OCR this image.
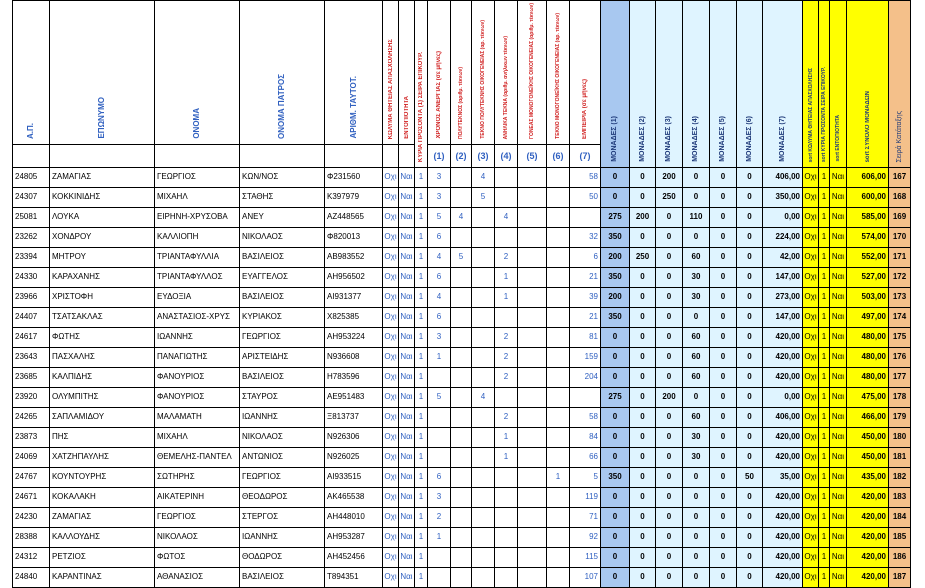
Α.Π.	ΕΠΩΝΥΜΟ	ΟΝΟΜΑ	ΟΝΟΜΑ ΠΑΤΡΟΣ	ΑΡΙΘΜ. ΤΑΥΤΟΤ.	ΚΩΛΥΜΑ ΘΗΤΕΙΑΣ ΑΠΑΣΧΟΛΗΣΗΣ	ΕΝΤΟΠΙΟΤΗΤΑ	ΚΥΡΙΑ ΠΡΟΣΟΝΤΑ (1) ΣΕΙΡΑ ΕΠΙΚΟΥΡ.	ΧΡΟΝΟΣ ΑΝΕΡΓΙΑΣ (σε μήνες)	ΠΟΛΥΤΕΚΝΟΣ (αριθμ. τέκνων)	ΤΕΚΝΟ ΠΟΛΥΤΕΚΝΗΣ ΟΙΚΟΓΕΝΕΙΑΣ (αρ. τέκνων)	ΑΝΗΛΙΚΑ ΤΕΚΝΑ (αριθμ. ανήλικων τέκνων)	ΓΟΝΕΑΣ ΜΟΝΟΓΟΝΕΪΚΗΣ ΟΙΚΟΓΕΝΕΙΑΣ (αριθμ. τέκνων)	ΤΕΚΝΟ ΜΟΝΟΓΟΝΕΪΚΗΣ ΟΙΚΟΓΕΝΕΙΑΣ (αρ. τέκνων)	ΕΜΠΕΙΡΙΑ (σε μήνες)	ΜΟΝΑΔΕΣ (1)	ΜΟΝΑΔΕΣ (2)	ΜΟΝΑΔΕΣ (3)	ΜΟΝΑΔΕΣ (4)	ΜΟΝΑΔΕΣ (5)	ΜΟΝΑΔΕΣ (6)	ΜΟΝΑΔΕΣ (7)	sort ΚΩΛΥΜΑ ΘΗΤΕΙΑΣ ΑΠΑΣΧΟΛΗΣΗΣ	sort ΚΥΡΙΑ ΠΡΟΣΟΝΤΑ ΣΕΙΡΑ ΕΠΙΚΟΥΡ.	sort ΕΝΤΟΠΙΟΤΗΤΑ	sort ΣΥΝΟΛΟ ΜΟΝΑΔΩΝ	Σειρά Κατάταξης
								(1)	(2)	(3)	(4)	(5)	(6)	(7)												
24805	ΖΑΜΑΓΙΑΣ	ΓΕΩΡΓΙΟΣ	ΚΩΝ/ΝΟΣ	Φ231560	Οχι	Ναι	1	3		4				58	0	0	200	0	0	0	406,00	Οχι	1	Ναι	606,00	167
24307	ΚΟΚΚΙΝΙΔΗΣ	ΜΙΧΑΗΛ	ΣΤΑΘΗΣ	Κ397979	Οχι	Ναι	1	3		5				50	0	0	250	0	0	0	350,00	Οχι	1	Ναι	600,00	168
25081	ΛΟΥΚΑ	ΕΙΡΗΝΗ-ΧΡΥΣΟΒΑ	ΑΝΕΥ	ΑΖ448565	Οχι	Ναι	1	5	4		4				275	200	0	110	0	0	0,00	Οχι	1	Ναι	585,00	169
23262	ΧΟΝΔΡΟΥ	ΚΑΛΛΙΟΠΗ	ΝΙΚΟΛΑΟΣ	Φ820013	Οχι	Ναι	1	6						32	350	0	0	0	0	0	224,00	Οχι	1	Ναι	574,00	170
23394	ΜΗΤΡΟΥ	ΤΡΙΑΝΤΑΦΥΛΛΙΑ	ΒΑΣΙΛΕΙΟΣ	ΑΒ983552	Οχι	Ναι	1	4	5		2			6	200	250	0	60	0	0	42,00	Οχι	1	Ναι	552,00	171
24330	ΚΑΡΑΧΑΝΗΣ	ΤΡΙΑΝΤΑΦΥΛΛΟΣ	ΕΥΑΓΓΕΛΟΣ	ΑΗ956502	Οχι	Ναι	1	6			1			21	350	0	0	30	0	0	147,00	Οχι	1	Ναι	527,00	172
23966	ΧΡΙΣΤΟΦΗ	ΕΥΔΟΞΙΑ	ΒΑΣΙΛΕΙΟΣ	ΑΙ931377	Οχι	Ναι	1	4			1			39	200	0	0	30	0	0	273,00	Οχι	1	Ναι	503,00	173
24407	ΤΣΑΤΣΑΚΛΑΣ	ΑΝΑΣΤΑΣΙΟΣ-ΧΡΥΣ	ΚΥΡΙΑΚΟΣ	Χ825385	Οχι	Ναι	1	6						21	350	0	0	0	0	0	147,00	Οχι	1	Ναι	497,00	174
24617	ΦΩΤΗΣ	ΙΩΑΝΝΗΣ	ΓΕΩΡΓΙΟΣ	ΑΗ953224	Οχι	Ναι	1	3			2			81	0	0	0	60	0	0	420,00	Οχι	1	Ναι	480,00	175
23643	ΠΑΣΧΑΛΗΣ	ΠΑΝΑΓΙΩΤΗΣ	ΑΡΙΣΤΕΙΔΗΣ	Ν936608	Οχι	Ναι	1	1			2			159	0	0	0	60	0	0	420,00	Οχι	1	Ναι	480,00	176
23685	ΚΑΛΠΙΔΗΣ	ΦΑΝΟΥΡΙΟΣ	ΒΑΣΙΛΕΙΟΣ	Η783596	Οχι	Ναι	1				2			204	0	0	0	60	0	0	420,00	Οχι	1	Ναι	480,00	177
23920	ΟΛΥΜΠΙΤΗΣ	ΦΑΝΟΥΡΙΟΣ	ΣΤΑΥΡΟΣ	ΑΕ951483	Οχι	Ναι	1	5		4					275	0	200	0	0	0	0,00	Οχι	1	Ναι	475,00	178
24265	ΣΑΠΛΑΜΙΔΟΥ	ΜΑΛΑΜΑΤΗ	ΙΩΑΝΝΗΣ	Ξ813737	Οχι	Ναι	1				2			58	0	0	0	60	0	0	406,00	Οχι	1	Ναι	466,00	179
23873	ΠΗΣ	ΜΙΧΑΗΛ	ΝΙΚΟΛΑΟΣ	Ν926306	Οχι	Ναι	1				1			84	0	0	0	30	0	0	420,00	Οχι	1	Ναι	450,00	180
24069	ΧΑΤΖΗΠΑΥΛΗΣ	ΘΕΜΕΛΗΣ-ΠΑΝΤΕΛ	ΑΝΤΩΝΙΟΣ	Ν926025	Οχι	Ναι	1				1			66	0	0	0	30	0	0	420,00	Οχι	1	Ναι	450,00	181
24767	ΚΟΥΝΤΟΥΡΗΣ	ΣΩΤΗΡΗΣ	ΓΕΩΡΓΙΟΣ	ΑΙ933515	Οχι	Ναι	1	6					1	5	350	0	0	0	0	50	35,00	Οχι	1	Ναι	435,00	182
24671	ΚΟΚΑΛΑΚΗ	ΑΙΚΑΤΕΡΙΝΗ	ΘΕΟΔΩΡΟΣ	ΑΚ465538	Οχι	Ναι	1	3						119	0	0	0	0	0	0	420,00	Οχι	1	Ναι	420,00	183
24230	ΖΑΜΑΓΙΑΣ	ΓΕΩΡΓΙΟΣ	ΣΤΕΡΓΟΣ	ΑΗ448010	Οχι	Ναι	1	2						71	0	0	0	0	0	0	420,00	Οχι	1	Ναι	420,00	184
28388	ΚΑΛΛΟΥΔΗΣ	ΝΙΚΟΛΑΟΣ	ΙΩΑΝΝΗΣ	ΑΗ953287	Οχι	Ναι	1	1						92	0	0	0	0	0	0	420,00	Οχι	1	Ναι	420,00	185
24312	ΡΕΤΖΙΟΣ	ΦΩΤΟΣ	ΘΟΔΩΡΟΣ	ΑΗ452456	Οχι	Ναι	1							115	0	0	0	0	0	0	420,00	Οχι	1	Ναι	420,00	186
24840	ΚΑΡΑΝΤΙΝΑΣ	ΑΘΑΝΑΣΙΟΣ	ΒΑΣΙΛΕΙΟΣ	Τ894351	Οχι	Ναι	1							107	0	0	0	0	0	0	420,00	Οχι	1	Ναι	420,00	187
